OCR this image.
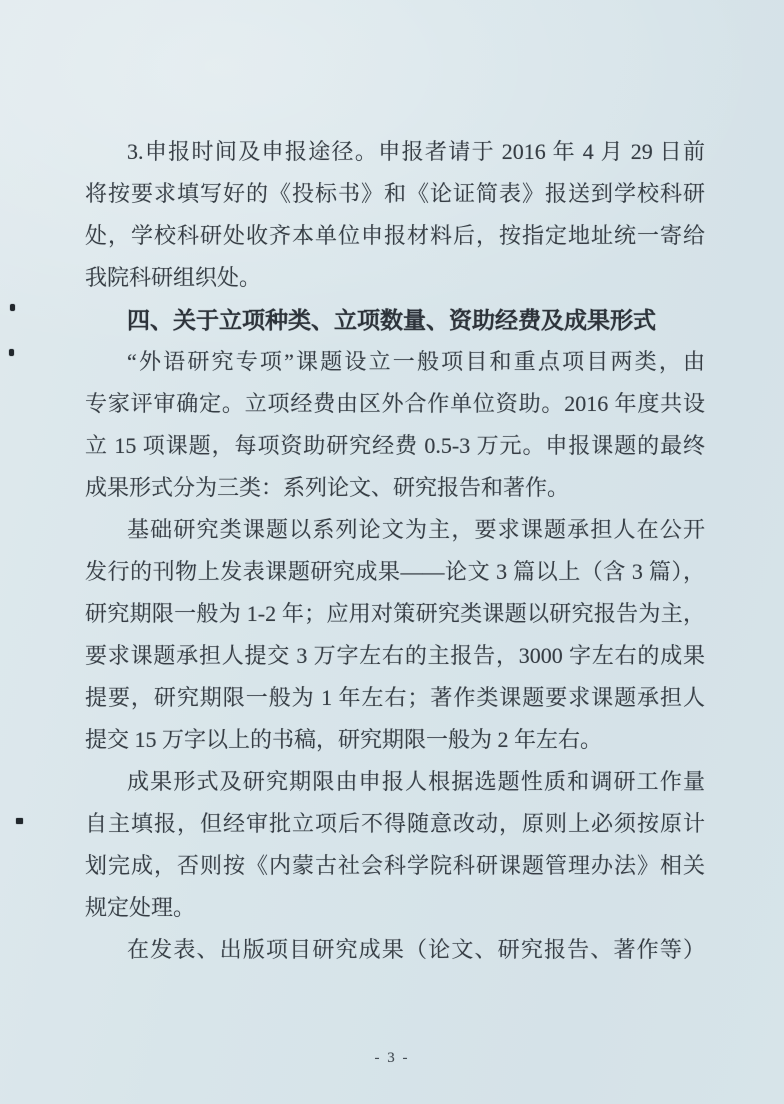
3.申报时间及申报途径。申报者请于 2016 年 4 月 29 日前
将按要求填写好的《投标书》和《论证简表》报送到学校科研
处，学校科研处收齐本单位申报材料后，按指定地址统一寄给
我院科研组织处。
四、关于立项种类、立项数量、资助经费及成果形式
“外语研究专项”课题设立一般项目和重点项目两类，由
专家评审确定。立项经费由区外合作单位资助。2016 年度共设
立 15 项课题，每项资助研究经费 0.5-3 万元。申报课题的最终
成果形式分为三类：系列论文、研究报告和著作。
基础研究类课题以系列论文为主，要求课题承担人在公开
发行的刊物上发表课题研究成果——论文 3 篇以上（含 3 篇），
研究期限一般为 1-2 年；应用对策研究类课题以研究报告为主，
要求课题承担人提交 3 万字左右的主报告，3000 字左右的成果
提要，研究期限一般为 1 年左右；著作类课题要求课题承担人
提交 15 万字以上的书稿，研究期限一般为 2 年左右。
成果形式及研究期限由申报人根据选题性质和调研工作量
自主填报，但经审批立项后不得随意改动，原则上必须按原计
划完成，否则按《内蒙古社会科学院科研课题管理办法》相关
规定处理。
在发表、出版项目研究成果（论文、研究报告、著作等）
- 3 -
